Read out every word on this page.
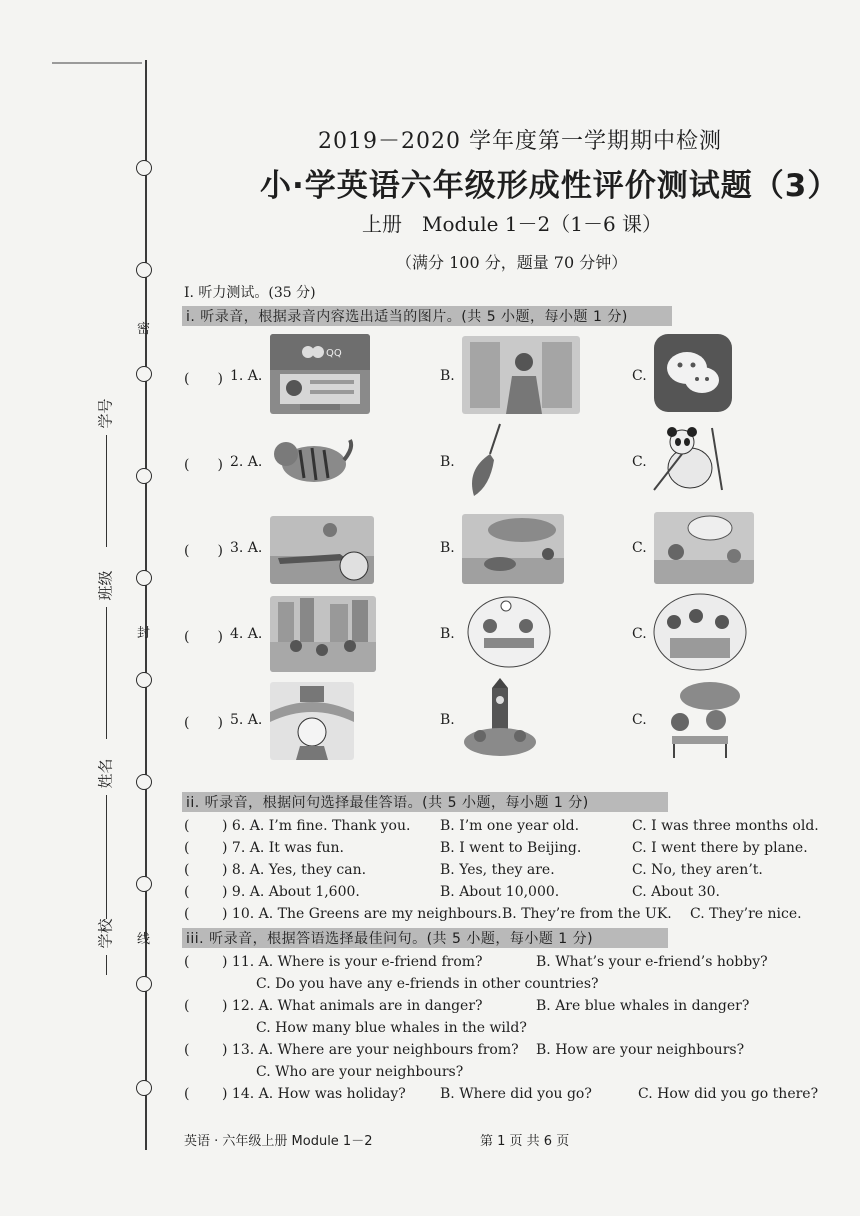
密
封
线
学号
班级
姓名
学校
2019－2020 学年度第一学期期中检测
小·学英语六年级形成性评价测试题（3）
上册　Module 1－2（1－6 课）
（满分 100 分，题量 70 分钟）
I. 听力测试。(35 分)
i. 听录音，根据录音内容选出适当的图片。(共 5 小题，每小题 1 分)
(　　) 1. A.
QQ
B.	C.
(　　) 2. A.	B.	C.
(　　) 3. A.	B.	C.
(　　) 4. A.	B.	C.
(　　) 5. A.	B.	C.
ii. 听录音，根据问句选择最佳答语。(共 5 小题，每小题 1 分)
( ) 6. A. I’m fine. Thank you. B. I’m one year old.	C. I was three months old.
( ) 7. A. It was fun.	B. I went to Beijing.	C. I went there by plane.
( ) 8. A. Yes, they can.	B. Yes, they are.	C. No, they aren’t.
( ) 9. A. About 1,600.	B. About 10,000.	C. About 30.
( ) 10. A. The Greens are my neighbours. B. They’re from the UK. C. They’re nice.
iii. 听录音，根据答语选择最佳问句。(共 5 小题，每小题 1 分)
( ) 11. A. Where is your e-friend from?	B. What’s your e-friend’s hobby?
C. Do you have any e-friends in other countries?
( ) 12. A. What animals are in danger?	B. Are blue whales in danger?
C. How many blue whales in the wild?
( ) 13. A. Where are your neighbours from? B. How are your neighbours?
C. Who are your neighbours?
( ) 14. A. How was holiday? B. Where did you go?	C. How did you go there?
英语 · 六年级上册 Module 1－2	第 1 页 共 6 页
